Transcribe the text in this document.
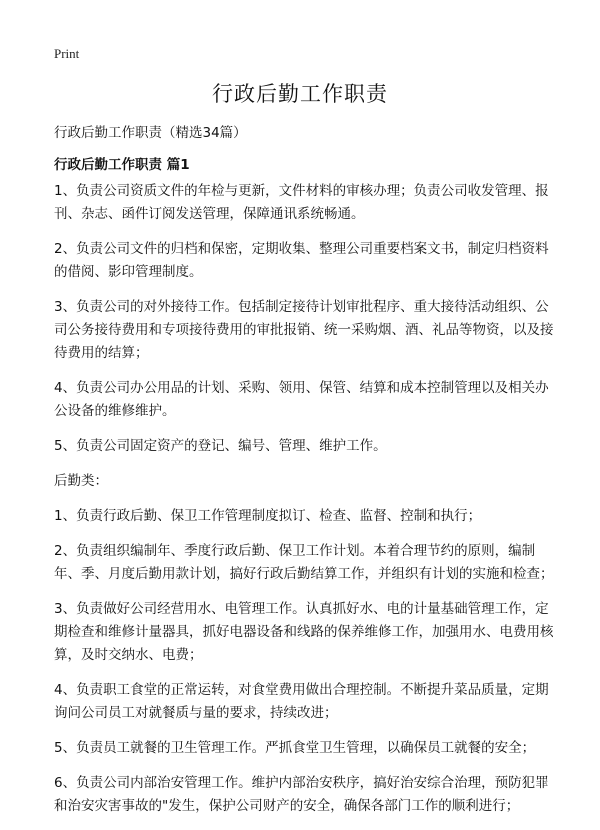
Print
行政后勤工作职责
行政后勤工作职责（精选34篇）
行政后勤工作职责 篇1

1、负责公司资质文件的年检与更新，文件材料的审核办理；负责公司收发管理、报刊、杂志、函件订阅发送管理，保障通讯系统畅通。

2、负责公司文件的归档和保密，定期收集、整理公司重要档案文书，制定归档资料的借阅、影印管理制度。

3、负责公司的对外接待工作。包括制定接待计划审批程序、重大接待活动组织、公司公务接待费用和专项接待费用的审批报销、统一采购烟、酒、礼品等物资，以及接待费用的结算；

4、负责公司办公用品的计划、采购、领用、保管、结算和成本控制管理以及相关办公设备的维修维护。

5、负责公司固定资产的登记、编号、管理、维护工作。

后勤类：

1、负责行政后勤、保卫工作管理制度拟订、检查、监督、控制和执行；

2、负责组织编制年、季度行政后勤、保卫工作计划。本着合理节约的原则，编制年、季、月度后勤用款计划，搞好行政后勤结算工作，并组织有计划的实施和检查；

3、负责做好公司经营用水、电管理工作。认真抓好水、电的计量基础管理工作，定期检查和维修计量器具，抓好电器设备和线路的保养维修工作，加强用水、电费用核算，及时交纳水、电费；

4、负责职工食堂的正常运转，对食堂费用做出合理控制。不断提升菜品质量，定期询问公司员工对就餐质与量的要求，持续改进；

5、负责员工就餐的卫生管理工作。严抓食堂卫生管理，以确保员工就餐的安全；

6、负责公司内部治安管理工作。维护内部治安秩序，搞好治安综合治理，预防犯罪和治安灾害事故的"发生，保护公司财产的安全，确保各部门工作的顺利进行；
